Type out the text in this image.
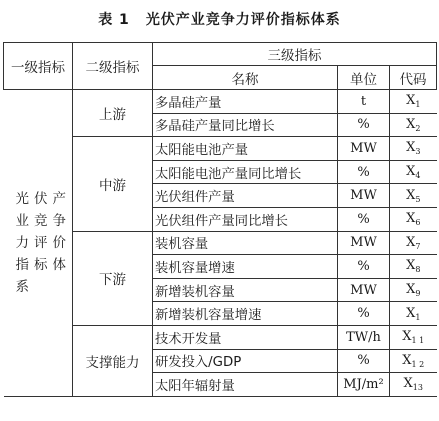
表 1 光伏产业竞争力评价指标体系
一级指标	二级指标	三级指标		
		名称	单位	代码

光伏产业竞争力评价指标体系	上游	多晶硅产量	t	$X_1$
		多晶硅产量同比增长	%	$X_2$
	中游	太阳能电池产量	MW	$X_3$
		太阳能电池产量同比增长	%	$X_4$
		光伏组件产量	MW	$X_5$
		光伏组件产量同比增长	%	$X_6$
	下游	装机容量	MW	$X_7$
		装机容量增速	%	$X_8$
		新增装机容量	MW	$X_9$
		新增装机容量增速	%	$X_1$
	支撑能力	技术开发量	TW/h	$X_{1 1}$
		研发投入/GDP	%	$X_{1 2}$
		太阳年辐射量	MJ/m²	$X_{13}$
